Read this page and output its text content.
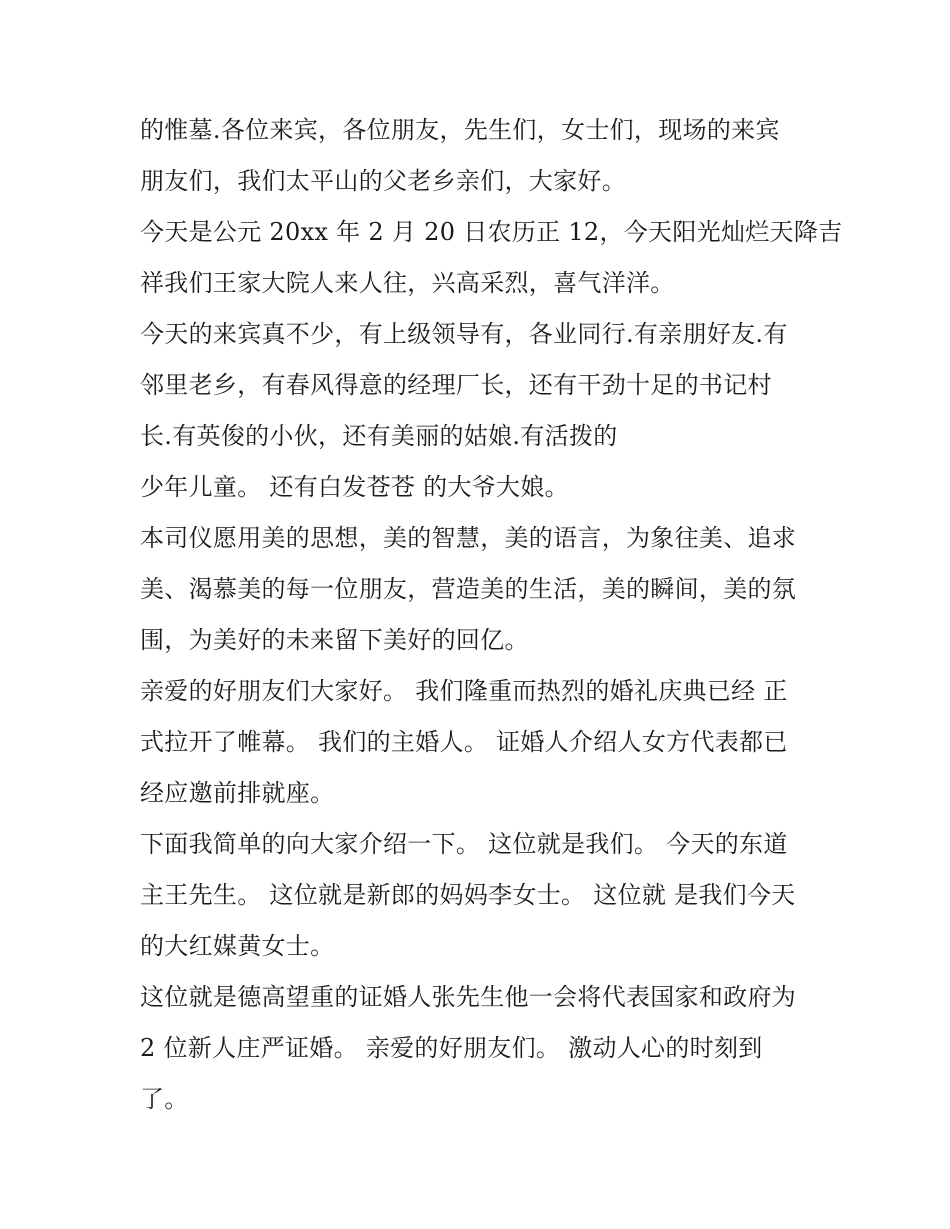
的惟墓.各位来宾，各位朋友，先生们，女士们，现场的来宾
朋友们，我们太平山的父老乡亲们，大家好。
今天是公元 20xx 年 2 月 20 日农历正 12，今天阳光灿烂天降吉
祥我们王家大院人来人往，兴高采烈，喜气洋洋。
今天的来宾真不少，有上级领导有，各业同行.有亲朋好友.有
邻里老乡，有春风得意的经理厂长，还有干劲十足的书记村
长.有英俊的小伙，还有美丽的姑娘.有活拨的
少年儿童。 还有白发苍苍 的大爷大娘。
本司仪愿用美的思想，美的智慧，美的语言，为象往美、追求
美、渴慕美的每一位朋友，营造美的生活，美的瞬间，美的氛
围，为美好的未来留下美好的回亿。
亲爱的好朋友们大家好。 我们隆重而热烈的婚礼庆典已经 正
式拉开了帷幕。 我们的主婚人。 证婚人介绍人女方代表都已
经应邀前排就座。
下面我简单的向大家介绍一下。 这位就是我们。 今天的东道
主王先生。 这位就是新郎的妈妈李女士。 这位就 是我们今天
的大红媒黄女士。
这位就是德高望重的证婚人张先生他一会将代表国家和政府为
2 位新人庄严证婚。 亲爱的好朋友们。 激动人心的时刻到
了。
